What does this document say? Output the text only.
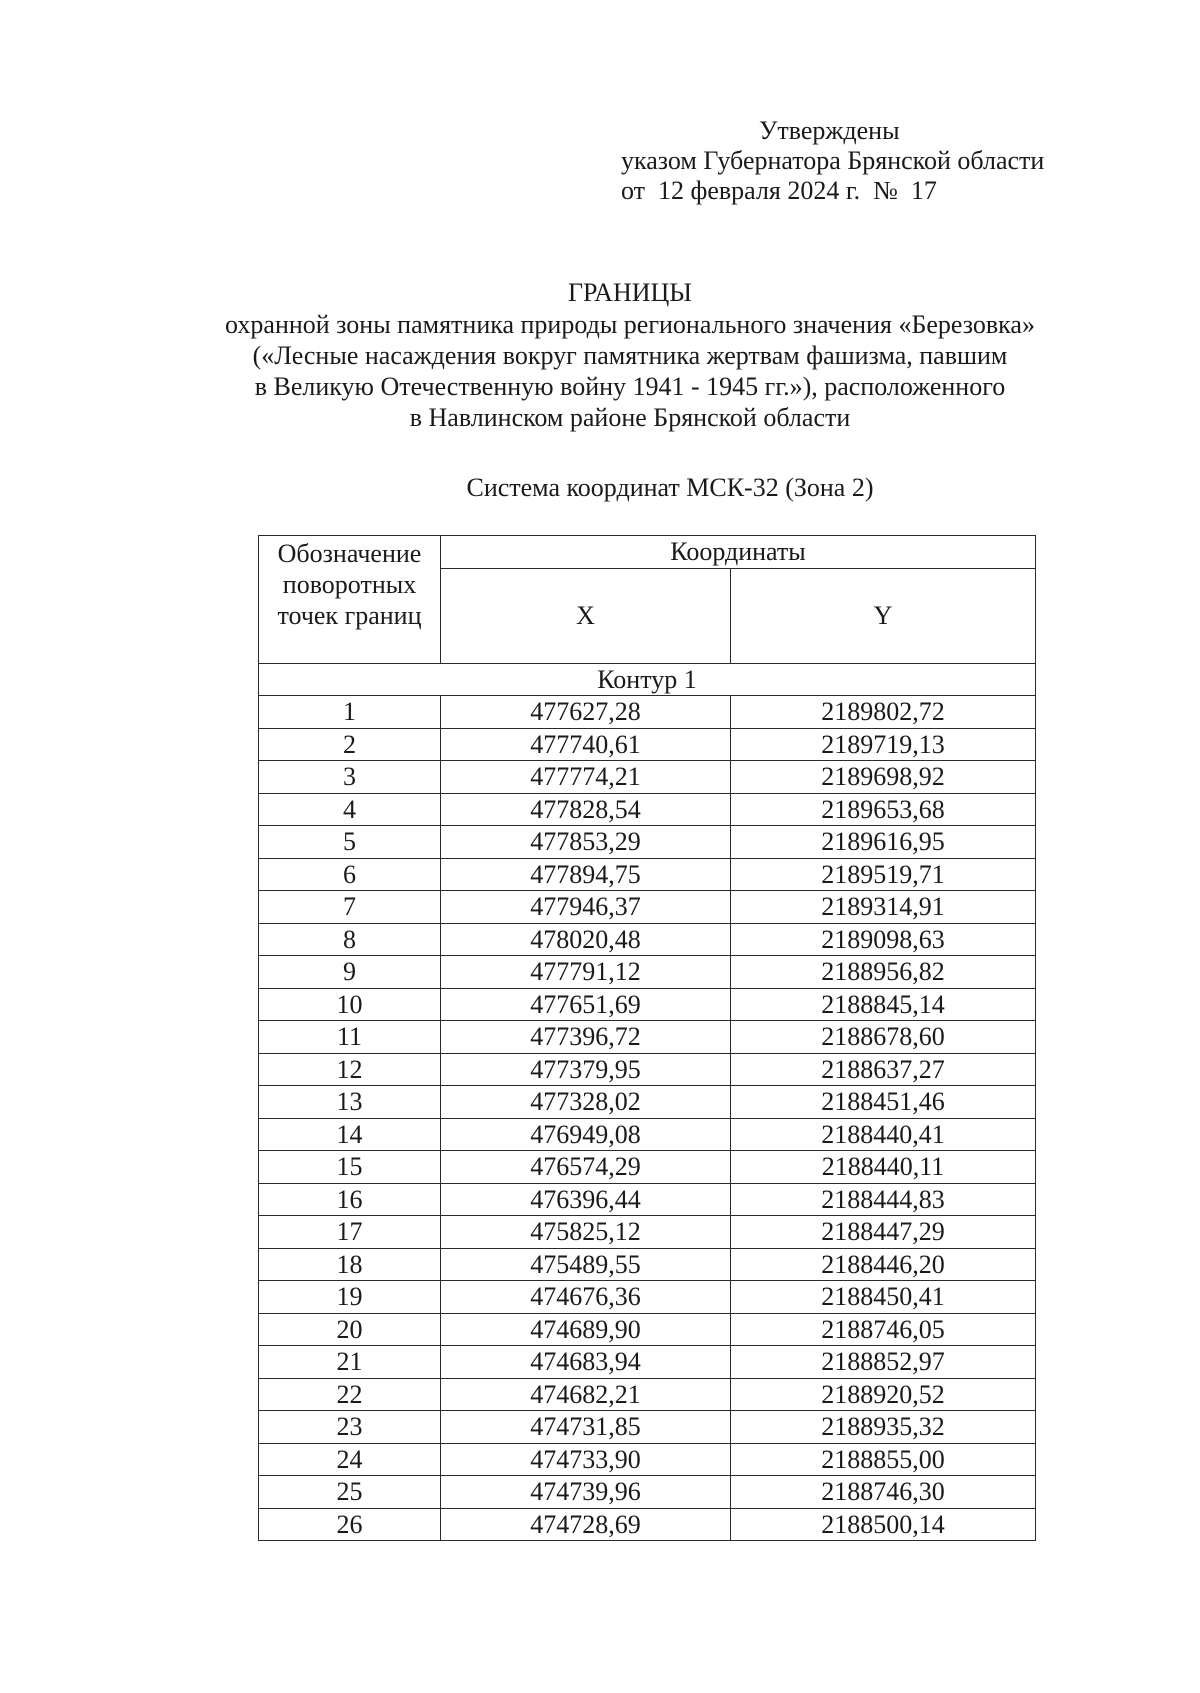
Утверждены
указом Губернатора Брянской области
от  12 февраля 2024 г.  №  17
ГРАНИЦЫ
охранной зоны памятника природы регионального значения «Березовка»
(«Лесные насаждения вокруг памятника жертвам фашизма, павшим
в Великую Отечественную войну 1941 - 1945 гг.»), расположенного
в Навлинском районе Брянской области
Система координат МСК-32 (Зона 2)
Обозначение поворотных точек границ	Координаты	
	X	Y
Контур 1		
1	477627,28	2189802,72
2	477740,61	2189719,13
3	477774,21	2189698,92
4	477828,54	2189653,68
5	477853,29	2189616,95
6	477894,75	2189519,71
7	477946,37	2189314,91
8	478020,48	2189098,63
9	477791,12	2188956,82
10	477651,69	2188845,14
11	477396,72	2188678,60
12	477379,95	2188637,27
13	477328,02	2188451,46
14	476949,08	2188440,41
15	476574,29	2188440,11
16	476396,44	2188444,83
17	475825,12	2188447,29
18	475489,55	2188446,20
19	474676,36	2188450,41
20	474689,90	2188746,05
21	474683,94	2188852,97
22	474682,21	2188920,52
23	474731,85	2188935,32
24	474733,90	2188855,00
25	474739,96	2188746,30
26	474728,69	2188500,14
